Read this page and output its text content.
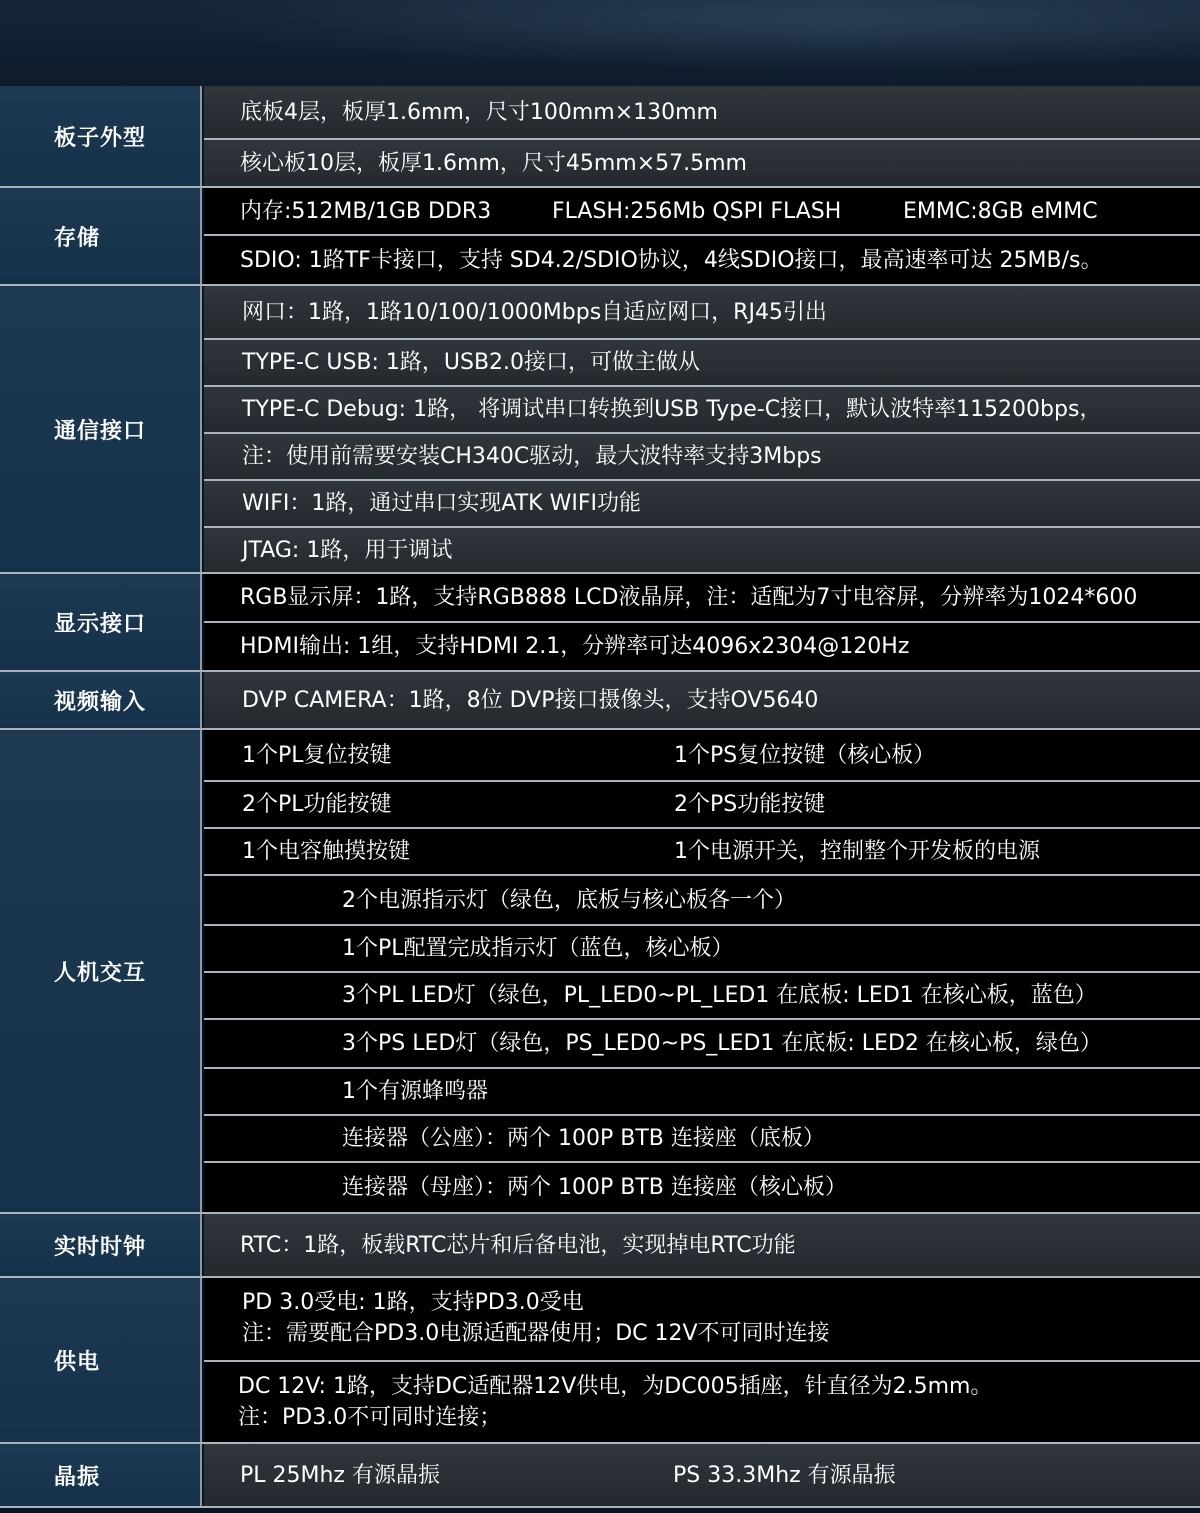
板子外型
底板4层，板厚1.6mm，尺寸100mm×130mm
核心板10层，板厚1.6mm，尺寸45mm×57.5mm
存储
内存:512MB/1GB DDR3	FLASH:256Mb QSPI FLASH	EMMC:8GB eMMC
SDIO: 1路TF卡接口，支持 SD4.2/SDIO协议，4线SDIO接口，最高速率可达 25MB/s。
通信接口
网口：1路，1路10/100/1000Mbps自适应网口，RJ45引出
TYPE-C USB: 1路，USB2.0接口，可做主做从
TYPE-C Debug: 1路， 将调试串口转换到USB Type-C接口，默认波特率115200bps，
注：使用前需要安装CH340C驱动，最大波特率支持3Mbps
WIFI：1路，通过串口实现ATK WIFI功能
JTAG: 1路，用于调试
显示接口
RGB显示屏：1路，支持RGB888 LCD液晶屏，注：适配为7寸电容屏，分辨率为1024*600
HDMI输出: 1组，支持HDMI 2.1，分辨率可达4096x2304@120Hz
视频输入	DVP CAMERA：1路，8位 DVP接口摄像头，支持OV5640
人机交互
1个PL复位按键	1个PS复位按键（核心板）
2个PL功能按键	2个PS功能按键
1个电容触摸按键	1个电源开关，控制整个开发板的电源
2个电源指示灯（绿色，底板与核心板各一个）
1个PL配置完成指示灯（蓝色，核心板）
3个PL LED灯（绿色，PL_LED0~PL_LED1 在底板: LED1 在核心板，蓝色）
3个PS LED灯（绿色，PS_LED0~PS_LED1 在底板: LED2 在核心板，绿色）
1个有源蜂鸣器
连接器（公座）：两个 100P BTB 连接座（底板）
连接器（母座）：两个 100P BTB 连接座（核心板）
实时时钟	RTC：1路，板载RTC芯片和后备电池，实现掉电RTC功能
供电
PD 3.0受电: 1路，支持PD3.0受电
注：需要配合PD3.0电源适配器使用；DC 12V不可同时连接
DC 12V: 1路，支持DC适配器12V供电，为DC005插座，针直径为2.5mm。
注：PD3.0不可同时连接；
晶振	PL 25Mhz 有源晶振	PS 33.3Mhz 有源晶振
